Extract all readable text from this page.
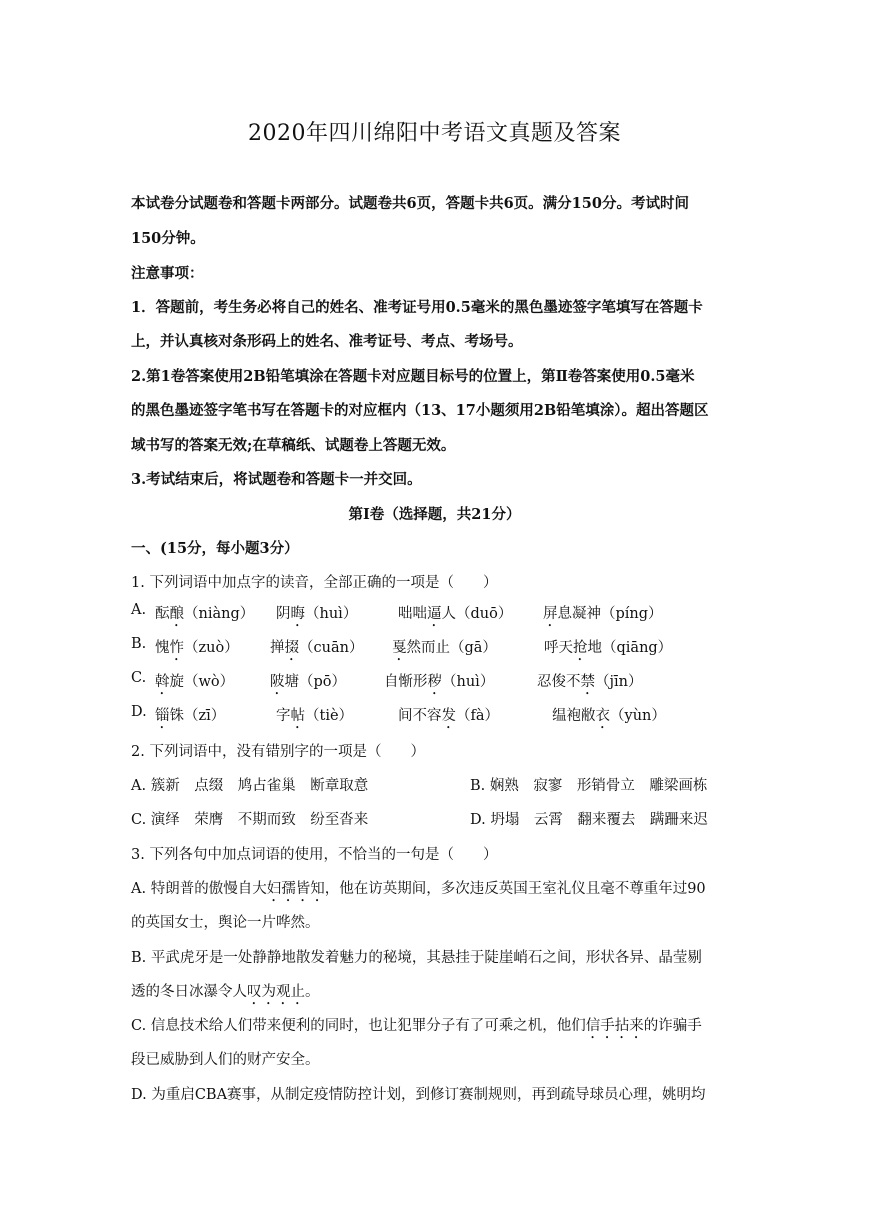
2020年四川绵阳中考语文真题及答案
本试卷分试题卷和答题卡两部分。试题卷共6页，答题卡共6页。满分150分。考试时间
150分钟。
注意事项：
1．答题前，考生务必将自己的姓名、准考证号用0.5毫米的黑色墨迹签字笔填写在答题卡
上，并认真核对条形码上的姓名、准考证号、考点、考场号。
2.第1卷答案使用2B铅笔填涂在答题卡对应题目标号的位置上，第Ⅱ卷答案使用0.5毫米
的黑色墨迹签字笔书写在答题卡的对应框内（13、17小题须用2B铅笔填涂）。超出答题区
域书写的答案无效;在草稿纸、试题卷上答题无效。
3.考试结束后，将试题卷和答题卡一并交回。
第Ⅰ卷（选择题，共21分）
一、(15分，每小题3分）
1. 下列词语中加点字的读音，全部正确的一项是（　　）
A. 酝酿（niàng） 阴晦（huì）	咄咄逼人（duō） 屏息凝神（píng）
B. 愧怍（zuò） 掸掇（cuān） 戛然而止（gā）	呼天抢地（qiāng）
C. 斡旋（wò） 陂塘（pō）	自惭形秽（huì）	忍俊不禁（jīn）
D. 锱铢（zī）	字帖（tiè）	间不容发（fà）	缊袍敝衣（yùn）
2. 下列词语中，没有错别字的一项是（　　）
A. 簇新　点缀　鸠占雀巢　断章取意	B. 娴熟　寂寥　形销骨立　雕梁画栋
C. 演绎　荣膺　不期而致　纷至沓来	D. 坍塌　云霄　翻来覆去　蹒跚来迟
3. 下列各句中加点词语的使用，不恰当的一句是（　　）
A. 特朗普的傲慢自大妇孺皆知，他在访英期间，多次违反英国王室礼仪且毫不尊重年过90
的英国女士，舆论一片哗然。
B. 平武虎牙是一处静静地散发着魅力的秘境，其悬挂于陡崖峭石之间，形状各异、晶莹剔
透的冬日冰瀑令人叹为观止。
C. 信息技术给人们带来便利的同时，也让犯罪分子有了可乘之机，他们信手拈来的诈骗手
段已威胁到人们的财产安全。
D. 为重启CBA赛事，从制定疫情防控计划，到修订赛制规则，再到疏导球员心理，姚明均
